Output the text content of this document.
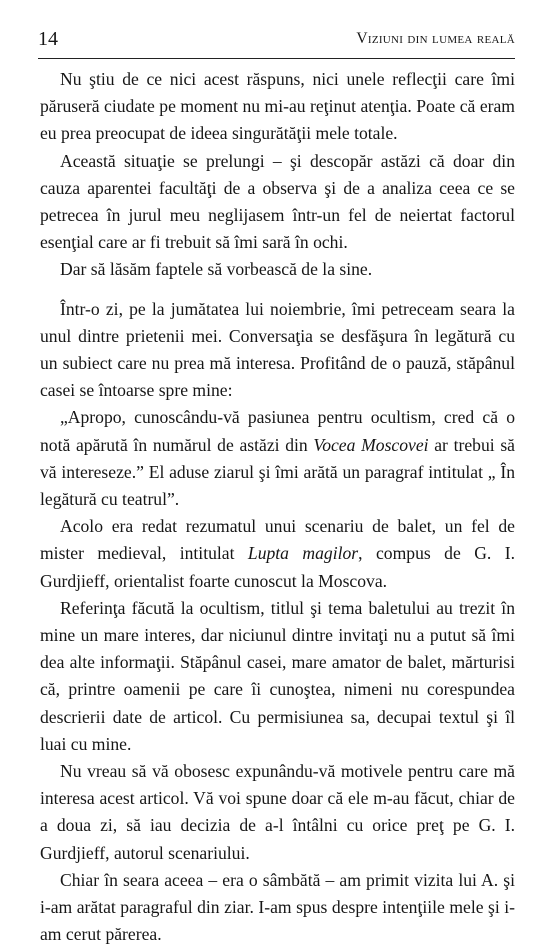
14	Viziuni din lumea reală

Nu ştiu de ce nici acest răspuns, nici unele reflecţii care îmi păruseră ciudate pe moment nu mi-au reţinut atenţia. Poate că eram eu prea preocupat de ideea singurătăţii mele totale.

Această situaţie se prelungi – şi descopăr astăzi că doar din cauza aparentei facultăţi de a observa şi de a analiza ceea ce se petrecea în jurul meu neglijasem într-un fel de neiertat factorul esenţial care ar fi trebuit să îmi sară în ochi.

Dar să lăsăm faptele să vorbească de la sine.

Într-o zi, pe la jumătatea lui noiembrie, îmi petreceam seara la unul dintre prietenii mei. Conversaţia se desfăşura în legătură cu un subiect care nu prea mă interesa. Profitând de o pauză, stăpânul casei se întoarse spre mine:

„Apropo, cunoscându-vă pasiunea pentru ocultism, cred că o notă apărută în numărul de astăzi din Vocea Moscovei ar trebui să vă intereseze.” El aduse ziarul şi îmi arătă un paragraf intitulat „ În legătură cu teatrul”.

Acolo era redat rezumatul unui scenariu de balet, un fel de mister medieval, intitulat Lupta magilor, compus de G. I. Gurdjieff, orientalist foarte cunoscut la Moscova.

Referinţa făcută la ocultism, titlul şi tema baletului au trezit în mine un mare interes, dar niciunul dintre invitaţi nu a putut să îmi dea alte informaţii. Stăpânul casei, mare amator de balet, mărturisi că, printre oamenii pe care îi cunoştea, nimeni nu corespundea descrierii date de articol. Cu permisiunea sa, decupai textul şi îl luai cu mine.

Nu vreau să vă obosesc expunându-vă motivele pentru care mă interesa acest articol. Vă voi spune doar că ele m-au făcut, chiar de a doua zi, să iau decizia de a-l întâlni cu orice preţ pe G. I. Gurdjieff, autorul scenariului.

Chiar în seara aceea – era o sâmbătă – am primit vizita lui A. şi i-am arătat paragraful din ziar. I-am spus despre intenţiile mele şi i-am cerut părerea.
